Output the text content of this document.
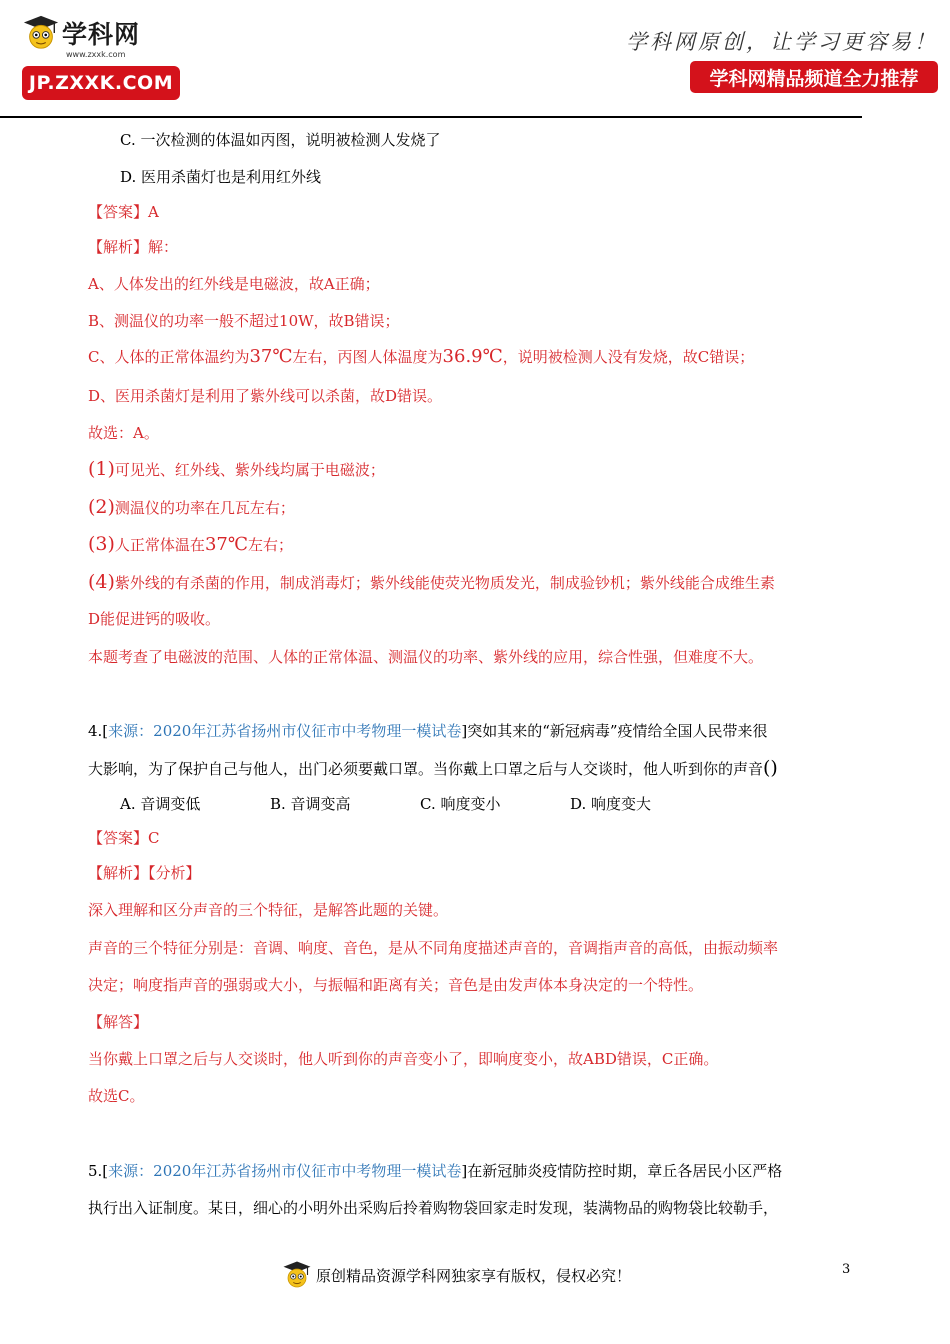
学科网
www.zxxk.com
JP.ZXXK.COM
学科网原创，让学习更容易！
学科网精品频道全力推荐
C. 一次检测的体温如丙图，说明被检测人发烧了
D. 医用杀菌灯也是利用红外线
【答案】A
【解析】解：
A、人体发出的红外线是电磁波，故A正确；
B、测温仪的功率一般不超过10W，故B错误；
C、人体的正常体温约为37℃左右，丙图人体温度为36.9℃，说明被检测人没有发烧，故C错误；
D、医用杀菌灯是利用了紫外线可以杀菌，故D错误。
故选：A。
(1)可见光、红外线、紫外线均属于电磁波；
(2)测温仪的功率在几瓦左右；
(3)人正常体温在37℃左右；
(4)紫外线的有杀菌的作用，制成消毒灯；紫外线能使荧光物质发光，制成验钞机；紫外线能合成维生素
D能促进钙的吸收。
本题考查了电磁波的范围、人体的正常体温、测温仪的功率、紫外线的应用，综合性强，但难度不大。
4.[来源：2020年江苏省扬州市仪征市中考物理一模试卷]突如其来的“新冠病毒”疫情给全国人民带来很
大影响，为了保护自己与他人，出门必须要戴口罩。当你戴上口罩之后与人交谈时，他人听到你的声音()
A. 音调变低	B. 音调变高	C. 响度变小	D. 响度变大
【答案】C
【解析】【分析】
深入理解和区分声音的三个特征，是解答此题的关键。
声音的三个特征分别是：音调、响度、音色，是从不同角度描述声音的，音调指声音的高低，由振动频率
决定；响度指声音的强弱或大小，与振幅和距离有关；音色是由发声体本身决定的一个特性。
【解答】
当你戴上口罩之后与人交谈时，他人听到你的声音变小了，即响度变小，故ABD错误，C正确。
故选C。
5.[来源：2020年江苏省扬州市仪征市中考物理一模试卷]在新冠肺炎疫情防控时期，章丘各居民小区严格
执行出入证制度。某日，细心的小明外出采购后拎着购物袋回家走时发现，装满物品的购物袋比较勒手，
3
原创精品资源学科网独家享有版权，侵权必究！
